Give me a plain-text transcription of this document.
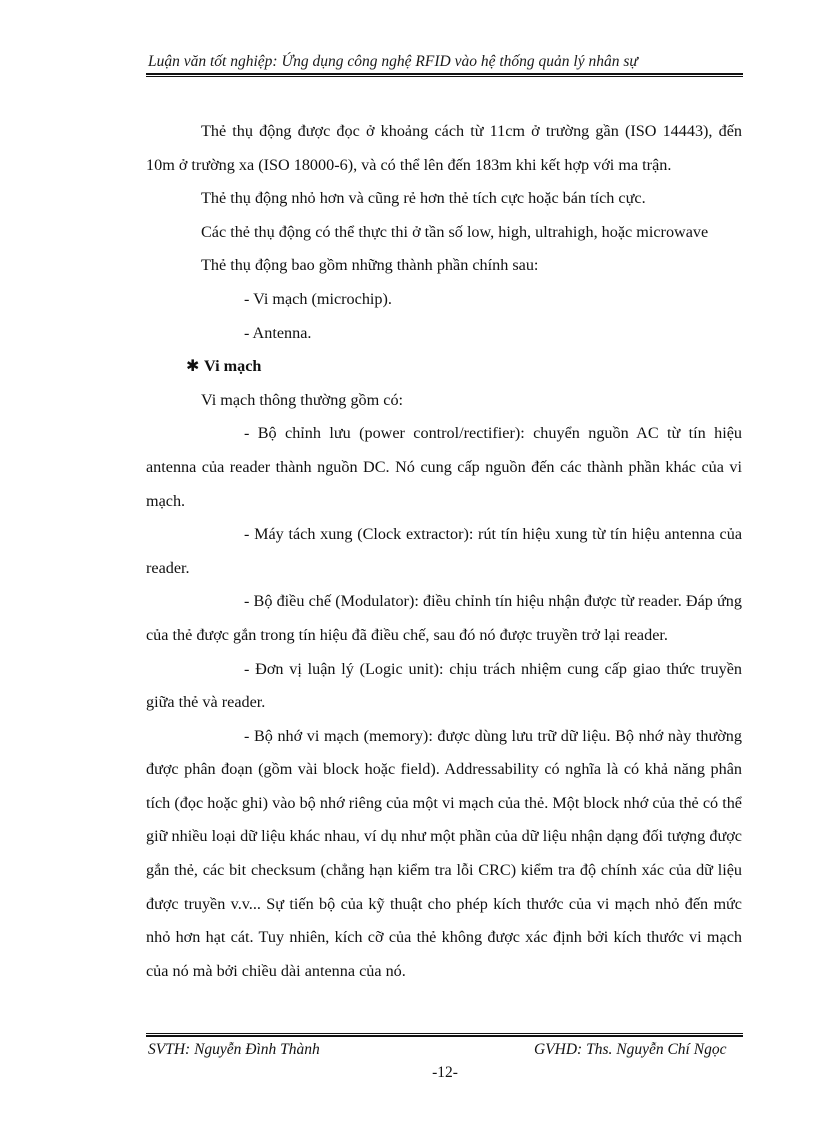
Luận văn tốt nghiệp: Ứng dụng công nghệ RFID vào hệ thống quản lý nhân sự

Thẻ thụ động được đọc ở khoảng cách từ 11cm ở trường gần (ISO 14443), đến 10m ở trường xa (ISO 18000-6), và có thể lên đến 183m khi kết hợp với ma trận.

Thẻ thụ động nhỏ hơn và cũng rẻ hơn thẻ tích cực hoặc bán tích cực.

Các thẻ thụ động có thể thực thi ở tần số low, high, ultrahigh, hoặc microwave

Thẻ thụ động bao gồm những thành phần chính sau:

- Vi mạch (microchip).

- Antenna.

✱ Vi mạch

Vi mạch thông thường gồm có:

- Bộ chỉnh lưu (power control/rectifier): chuyển nguồn AC từ tín hiệu antenna của reader thành nguồn DC. Nó cung cấp nguồn đến các thành phần khác của vi mạch.

- Máy tách xung (Clock extractor): rút tín hiệu xung từ tín hiệu antenna của reader.

- Bộ điều chế (Modulator): điều chỉnh tín hiệu nhận được từ reader. Đáp ứng của thẻ được gắn trong tín hiệu đã điều chế, sau đó nó được truyền trở lại reader.

- Đơn vị luận lý (Logic unit): chịu trách nhiệm cung cấp giao thức truyền giữa thẻ và reader.

- Bộ nhớ vi mạch (memory): được dùng lưu trữ dữ liệu. Bộ nhớ này thường được phân đoạn (gồm vài block hoặc field). Addressability có nghĩa là có khả năng phân tích (đọc hoặc ghi) vào bộ nhớ riêng của một vi mạch của thẻ. Một block nhớ của thẻ có thể giữ nhiều loại dữ liệu khác nhau, ví dụ như một phần của dữ liệu nhận dạng đối tượng được gắn thẻ, các bit checksum (chẳng hạn kiểm tra lỗi CRC) kiểm tra độ chính xác của dữ liệu được truyền v.v... Sự tiến bộ của kỹ thuật cho phép kích thước của vi mạch nhỏ đến mức nhỏ hơn hạt cát. Tuy nhiên, kích cỡ của thẻ không được xác định bởi kích thước vi mạch của nó mà bởi chiều dài antenna của nó.

SVTH: Nguyễn Đình Thành	GVHD: Ths. Nguyễn Chí Ngọc
-12-
